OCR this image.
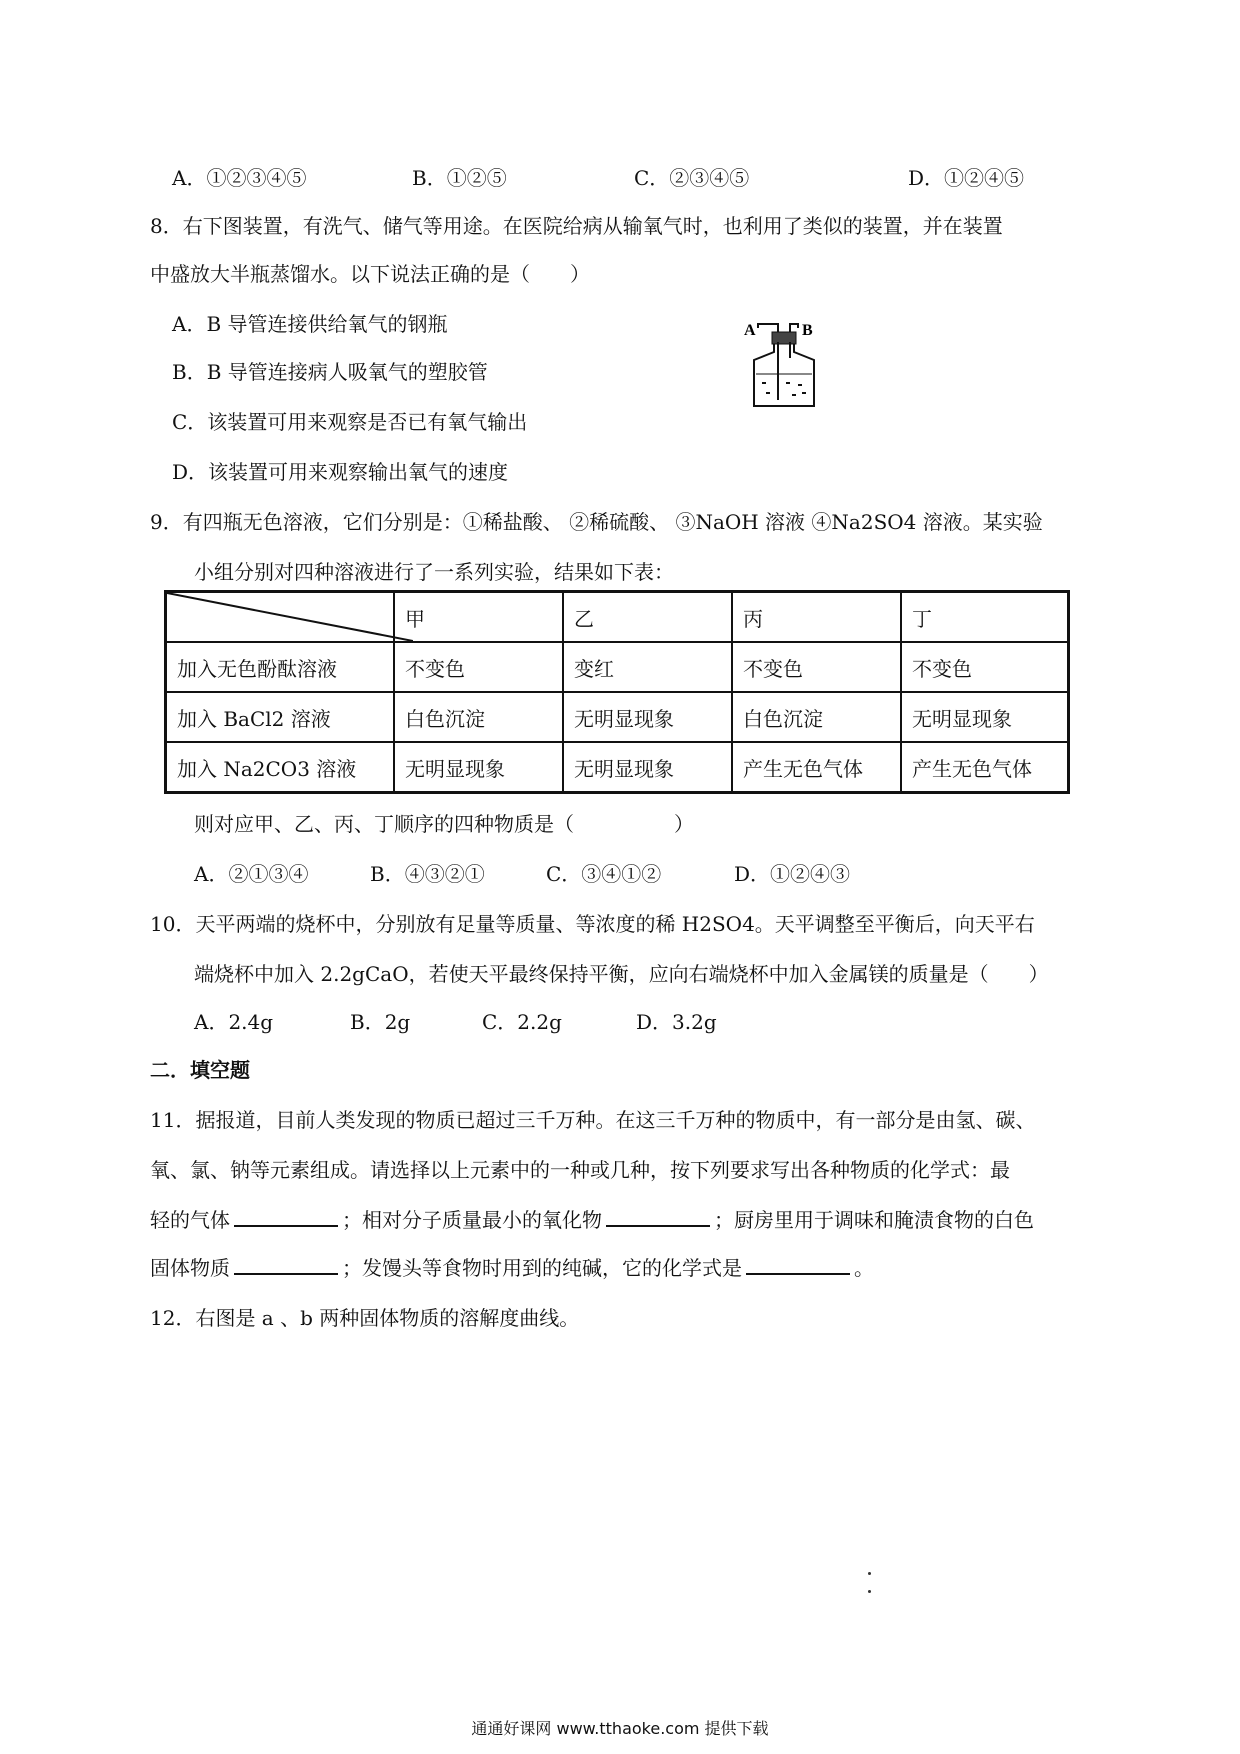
A．①②③④⑤	B．①②⑤	C．②③④⑤	D．①②④⑤
8．右下图装置，有洗气、储气等用途。在医院给病从输氧气时，也利用了类似的装置，并在装置
中盛放大半瓶蒸馏水。以下说法正确的是（　　）
A．B 导管连接供给氧气的钢瓶
B．B 导管连接病人吸氧气的塑胶管
C．该装置可用来观察是否已有氧气输出
D．该装置可用来观察输出氧气的速度
A	B
9．有四瓶无色溶液，它们分别是：①稀盐酸、 ②稀硫酸、 ③NaOH 溶液 ④Na2SO4 溶液。某实验
小组分别对四种溶液进行了一系列实验，结果如下表：
	甲	乙	丙	丁
加入无色酚酞溶液	不变色	变红	不变色	不变色
加入 BaCl2 溶液	白色沉淀	无明显现象	白色沉淀	无明显现象
加入 Na2CO3 溶液	无明显现象	无明显现象	产生无色气体	产生无色气体
则对应甲、乙、丙、丁顺序的四种物质是（　　　　　）
A．②①③④	B．④③②①	C．③④①②	D．①②④③
10．天平两端的烧杯中，分别放有足量等质量、等浓度的稀 H2SO4。天平调整至平衡后，向天平右
端烧杯中加入 2.2gCaO，若使天平最终保持平衡，应向右端烧杯中加入金属镁的质量是（　　）
A．2.4g	B．2g	C．2.2g	D．3.2g
二．填空题
11．据报道，目前人类发现的物质已超过三千万种。在这三千万种的物质中，有一部分是由氢、碳、
氧、氯、钠等元素组成。请选择以上元素中的一种或几种，按下列要求写出各种物质的化学式：最
轻的气体	；相对分子质量最小的氧化物	；厨房里用于调味和腌渍食物的白色
固体物质	；发馒头等食物时用到的纯碱，它的化学式是	。
12．右图是 a 、b 两种固体物质的溶解度曲线。
通通好课网 www.tthaoke.com 提供下载
